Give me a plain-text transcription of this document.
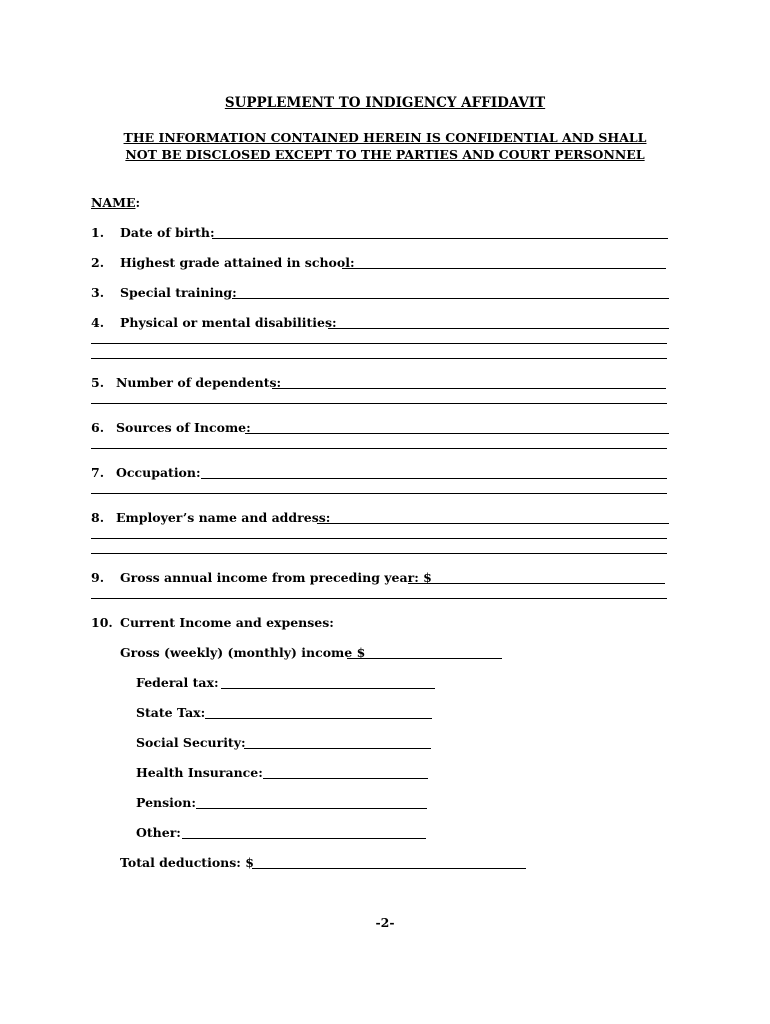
SUPPLEMENT TO INDIGENCY AFFIDAVIT
THE INFORMATION CONTAINED HEREIN IS CONFIDENTIAL AND SHALL
NOT BE DISCLOSED EXCEPT TO THE PARTIES AND COURT PERSONNEL
NAME:
1. Date of birth:
2. Highest grade attained in school:
3. Special training:
4. Physical or mental disabilities:
5. Number of dependents:
6. Sources of Income:
7. Occupation:
8. Employer’s name and address:
9. Gross annual income from preceding year: $
10. Current Income and expenses:
Gross (weekly) (monthly) income $
Federal tax:
State Tax:
Social Security:
Health Insurance:
Pension:
Other:
Total deductions: $
-2-
